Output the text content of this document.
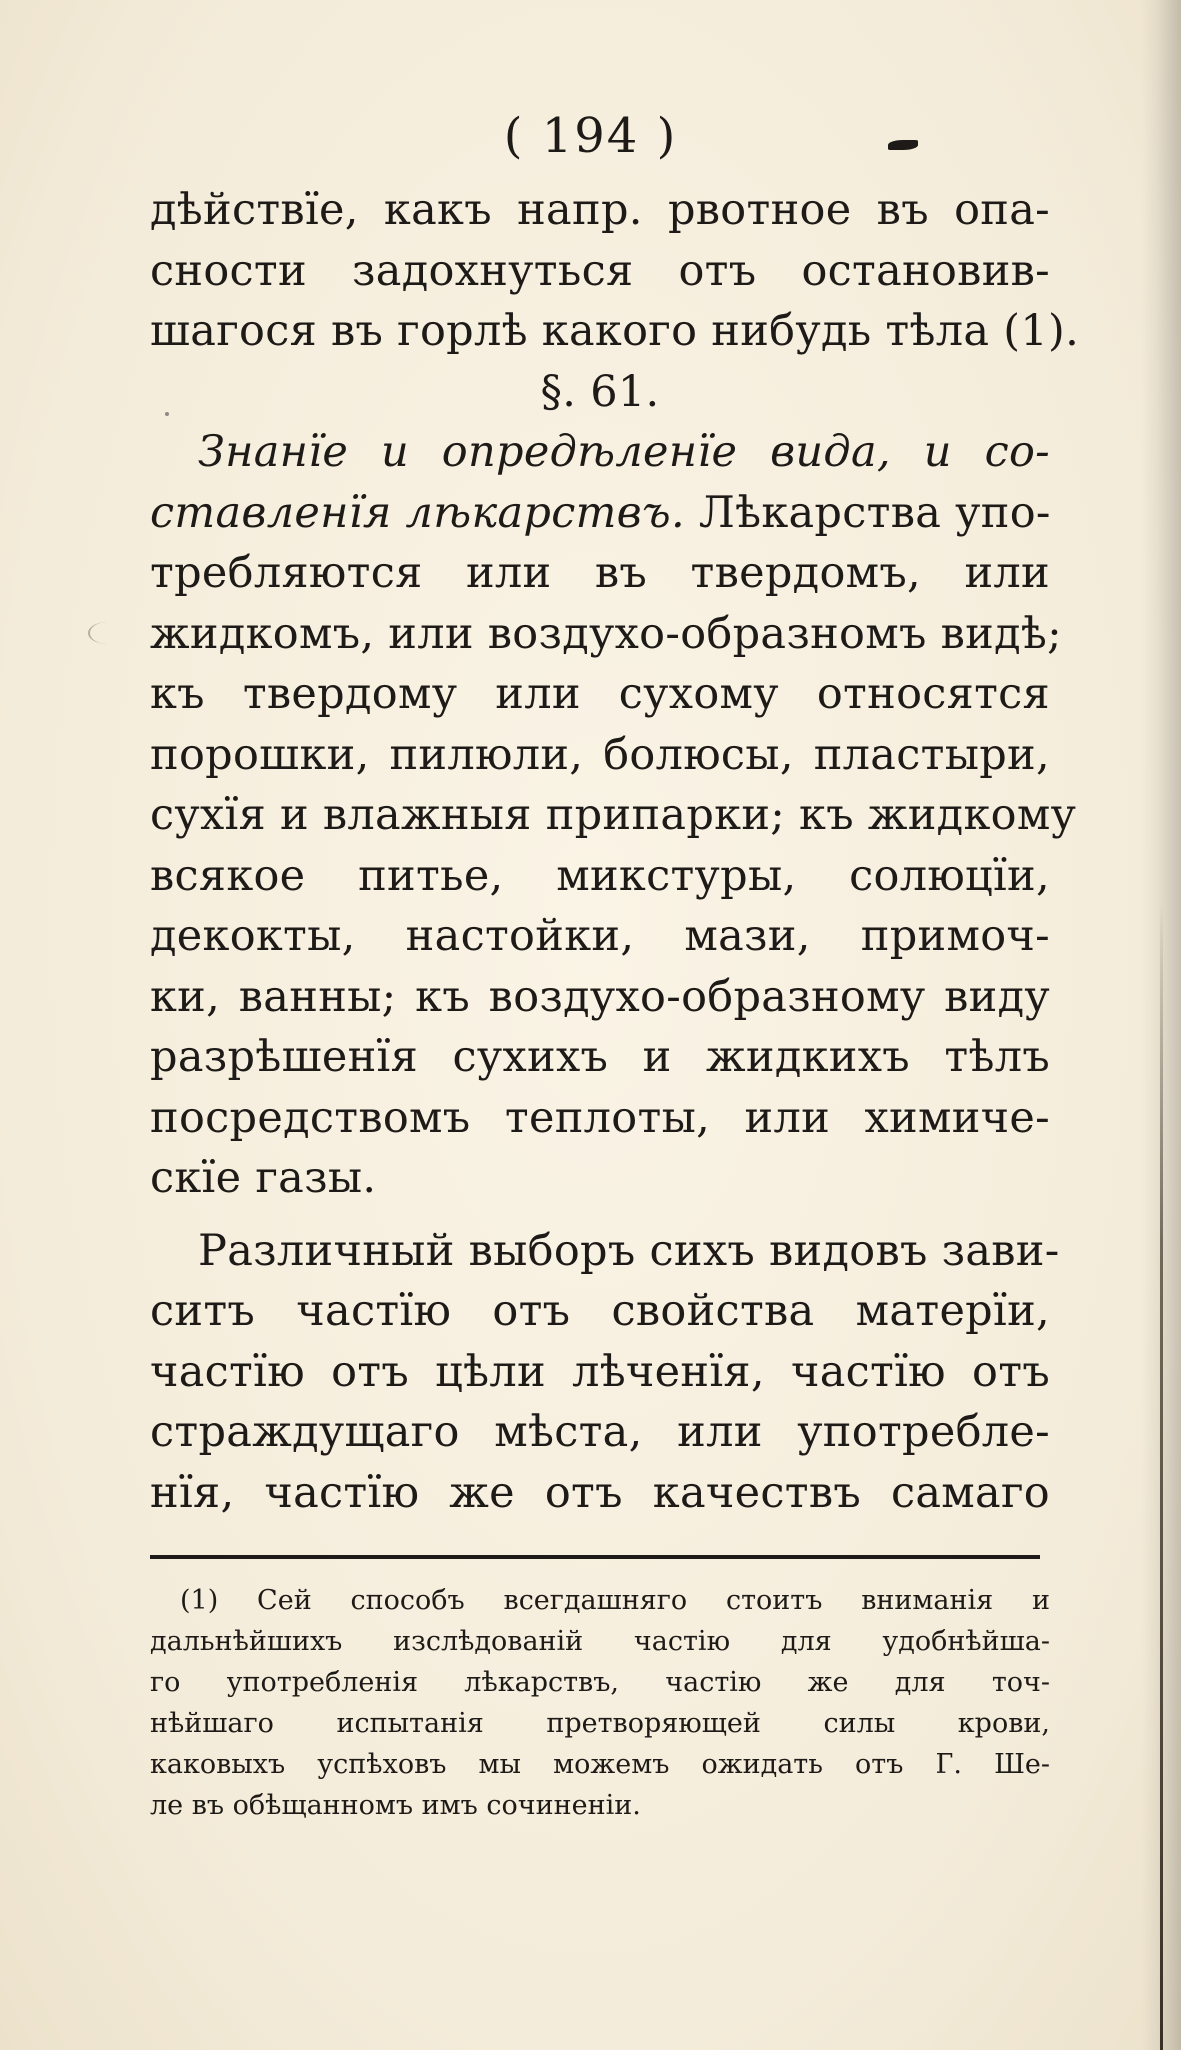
( 194 )
дѣйствїе, какъ напр. рвотное въ опа-
сности задохнуться отъ остановив-
шагося въ горлѣ какого нибудь тѣла (1).
§. 61.
Знанїе и опредѣленїе вида, и со-
ставленїя лѣкарствъ. Лѣкарства упо-
требляются или въ твердомъ, или
жидкомъ, или воздухо-образномъ видѣ;
къ твердому или сухому относятся
порошки, пилюли, болюсы, пластыри,
сухїя и влажныя припарки; къ жидкому
всякое питье, микстуры, солюцїи,
декокты, настойки, мази, примоч-
ки, ванны; къ воздухо-образному виду
разрѣшенїя сухихъ и жидкихъ тѣлъ
посредствомъ теплоты, или химиче-
скїе газы.
Различный выборъ сихъ видовъ зави-
ситъ частїю отъ свойства матерїи,
частїю отъ цѣли лѣченїя, частїю отъ
страждущаго мѣста, или употребле-
нїя, частїю же отъ качествъ самаго
(1) Сей способъ всегдашняго стоитъ вниманія и
дальнѣйшихъ изслѣдованій частію для удобнѣйша-
го употребленія лѣкарствъ, частію же для точ-
нѣйшаго испытанія претворяющей силы крови,
каковыхъ успѣховъ мы можемъ ожидать отъ Г. Ше-
ле въ обѣщанномъ имъ сочиненіи.
